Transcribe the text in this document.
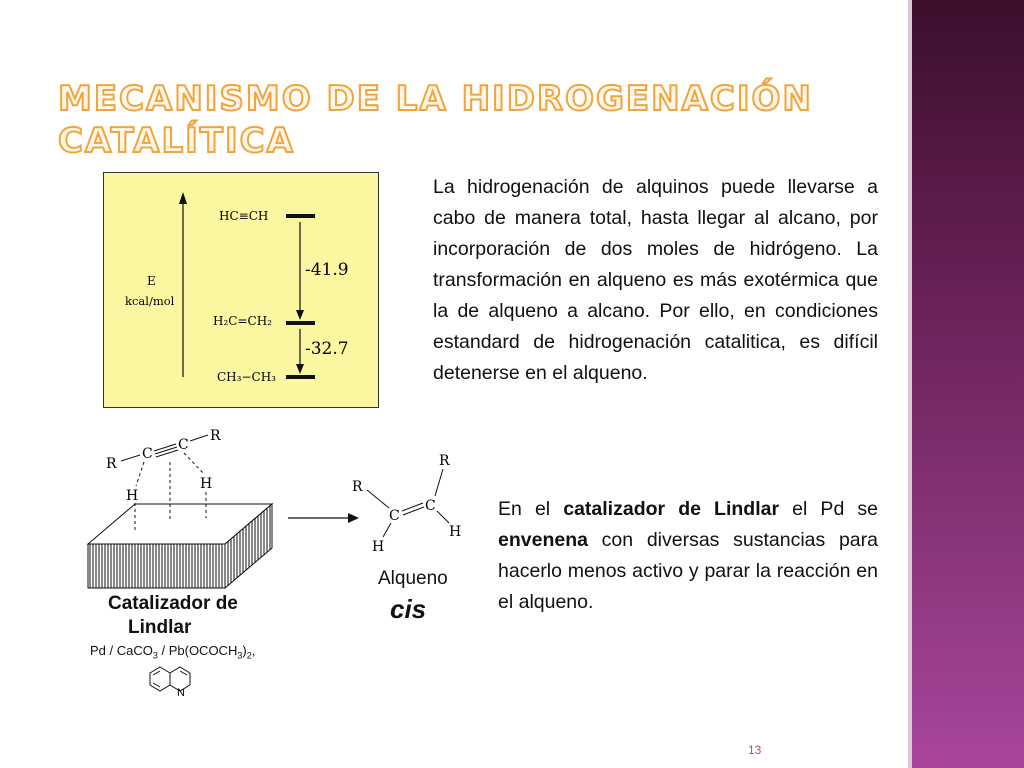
MECANISMO DE LA HIDROGENACIÓN
CATALÍTICA
E
kcal/mol
HC≡CH
H₂C=CH₂
CH₃−CH₃
-41.9
-32.7

La hidrogenación de alquinos puede llevarse a cabo de manera total, hasta llegar al alcano, por incorporación de dos moles de hidrógeno. La transformación en alqueno es más exotérmica que la de alqueno a alcano. Por ello, en condiciones estandard de hidrogenación catalitica, es difícil detenerse en el alqueno.

R
C
C
R
H
H
N

Catalizador de

Lindlar

Pd / CaCO$_3$ / $Pb(OCOCH_3)_2$,

R
R
C
C
H
H

Alqueno

cis

En el catalizador de Lindlar el Pd se envenena con diversas sustancias para hacerlo menos activo y parar la reacción en el alqueno.

13
